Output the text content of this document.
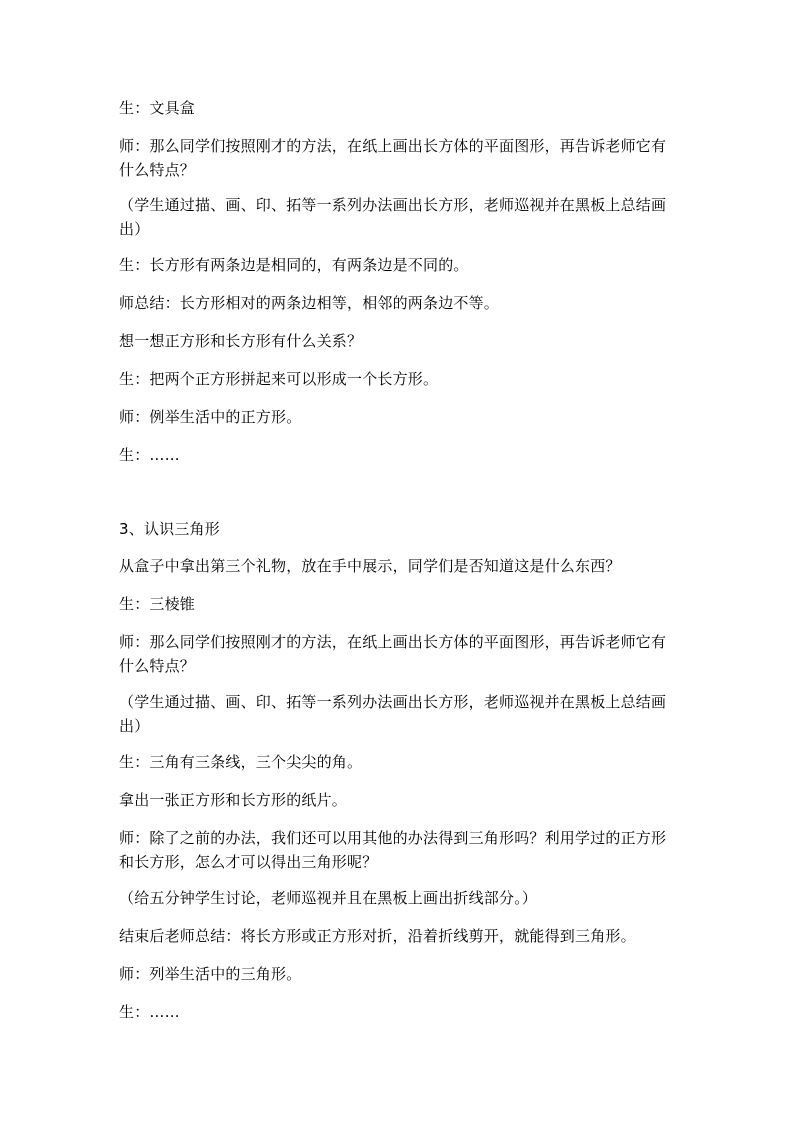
生：文具盒
师：那么同学们按照刚才的方法，在纸上画出长方体的平面图形，再告诉老师它有什么特点？
（学生通过描、画、印、拓等一系列办法画出长方形，老师巡视并在黑板上总结画出）
生：长方形有两条边是相同的，有两条边是不同的。
师总结：长方形相对的两条边相等，相邻的两条边不等。
想一想正方形和长方形有什么关系？
生：把两个正方形拼起来可以形成一个长方形。
师：例举生活中的正方形。
生：……
3、认识三角形
从盒子中拿出第三个礼物，放在手中展示，同学们是否知道这是什么东西？
生：三棱锥
师：那么同学们按照刚才的方法，在纸上画出长方体的平面图形，再告诉老师它有什么特点？
（学生通过描、画、印、拓等一系列办法画出长方形，老师巡视并在黑板上总结画出）
生：三角有三条线，三个尖尖的角。
拿出一张正方形和长方形的纸片。
师：除了之前的办法，我们还可以用其他的办法得到三角形吗？利用学过的正方形和长方形，怎么才可以得出三角形呢？
（给五分钟学生讨论，老师巡视并且在黑板上画出折线部分。）
结束后老师总结：将长方形或正方形对折，沿着折线剪开，就能得到三角形。
师：列举生活中的三角形。
生：……
